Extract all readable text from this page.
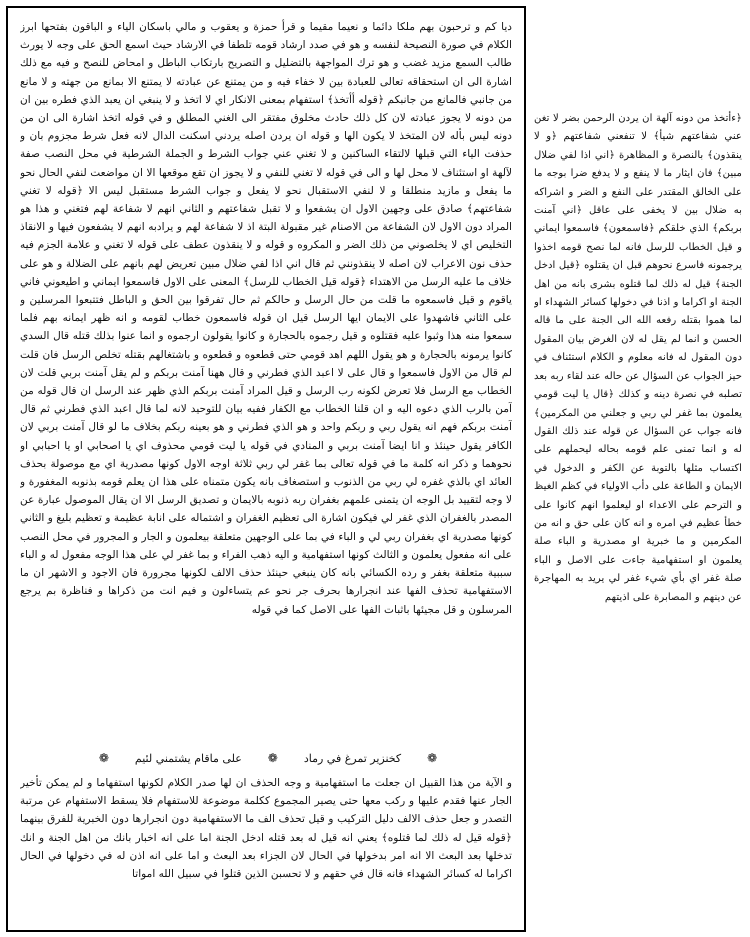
ديا كم و ترحبون بهم ملكا دائما و نعيما مقيما و قرأ حمزة و يعقوب و مالي باسكان الياء و الباقون بفتحها ابرز الكلام في صورة النصيحة لنفسه و هو في صدد ارشاد قومه تلطفا في الارشاد حيث اسمع الحق على وجه لا يورث طالب السمع مزيد غضب و هو ترك المواجهة بالتضليل و التصريح بارتكاب الباطل و امحاض للنصح و فيه مع ذلك اشارة الى ان استحقاقه تعالى للعبادة بين لا خفاء فيه و من يمتنع عن عبادته لا يمتنع الا بمانع من جهته و لا مانع من جانبي فالمانع من جانبكم ﴿قوله أأتخذ﴾ استفهام بمعنى الانكار اي لا اتخذ و لا ينبغي ان يعبد الذي فطره بين ان من دونه لا يجوز عبادته لان كل ذلك حادث مخلوق مفتقر الى الغني المطلق و في قوله اتخذ اشارة الى ان من دونه ليس بأله لان المتخذ لا يكون الها و قوله ان يردن اصله يردني اسكنت الدال لانه فعل شرط مجزوم بان و حذفت الياء التي قبلها لالتقاء الساكنين و لا تغني عني جواب الشرط و الجملة الشرطية في محل النصب صفة لآلهة او استئناف لا محل لها و الى في قوله لا تغني للنفي و لا يجوز ان تقع موقعها الا ان مواضعت لنفي الحال نحو ما يفعل و مازيد منطلقا و لا لنفي الاستقبال نحو لا يفعل و جواب الشرط مستقبل ليس الا ﴿قوله لا تغني شفاعتهم﴾ صادق على وجهين الاول ان يشفعوا و لا تقبل شفاعتهم و الثاني انهم لا شفاعة لهم فتغني و هذا هو المراد دون الاول لان الشفاعة من الاصنام غير مقبولة البتة اذ لا شفاعة لهم و يرادبه انهم لا يشفعون فيها و الانقاذ التخليص اي لا يخلصوني من ذلك الضر و المكروه و قوله و لا ينقذون عطف على قوله لا تغني و علامة الجزم فيه حذف نون الاعراب لان اصله لا ينقذونني ثم قال اني اذا لفي ضلال مبين تعريض لهم بانهم على الضلالة و هو على خلاف ما عليه الرسل من الاهتداء ﴿قوله قيل الخطاب للرسل﴾ المعنى على الاول فاسمعوا ايماني و اطيعوني فاني ياقوم و قيل فاسمعوه ما قلت من حال الرسل و حالكم ثم حال تفرقوا بين الحق و الباطل فتتبعوا المرسلين و على الثاني فاشهدوا على الايمان ايها الرسل قيل ان قوله فاسمعون خطاب لقومه و انه ظهر ايمانه بهم فلما سمعوا منه هذا وثبوا عليه فقتلوه و قيل رجموه بالحجارة و كانوا يقولون ارجموه و انما عنوا بذلك قتله قال السدي كانوا يرمونه بالحجارة و هو يقول اللهم اهد قومي حتى قطعوه و قطعوه و باشتغالهم بقتله تخلص الرسل فان قلت لم قال من الاول فاسمعوا و قال على لا اعبد الذي فطرني و قال ههنا آمنت بربكم و لم يقل آمنت بربي قلت لان الخطاب مع الرسل فلا تعرض لكونه رب الرسل و قيل المراد آمنت بربكم الذي ظهر عند الرسل ان قال قوله من آمن بالرب الذي دعوه اليه و ان قلنا الخطاب مع الكفار ففيه بيان للتوحيد لانه لما قال اعبد الذي فطرني ثم قال آمنت بربكم فهم انه يقول ربي و ربكم واحد و هو الذي فطرني و هو بعينه ربكم بخلاف ما لو قال آمنت بربي لان الكافر يقول حينئذ و انا ايضا آمنت بربي و المنادي في قوله يا ليت قومي محذوف اي يا اصحابي او يا احبابي او نحوهما و ذكر انه كلمة ما في قوله تعالى بما غفر لي ربي ثلاثة اوجه الاول كونها مصدرية اي مع موصولة بحذف العائد اي بالذي غفره لي ربي من الذنوب و استصغاف بانه يكون متمناه على هذا ان يعلم قومه بذنوبه المغفورة و لا وجه لتقييد بل الوجه ان يتمنى علمهم بغفران ربه ذنوبه بالايمان و تصديق الرسل الا ان يقال الموصول عبارة عن المصدر بالغفران الذي غفر لي فيكون اشارة الى تعظيم الغفران و اشتماله على انابة عظيمة و تعظيم بليغ و الثاني كونها مصدرية اي بغفران ربي لي و الباء في بما على الوجهين متعلقة بيعلمون و الجار و المجرور في محل النصب على انه مفعول يعلمون و الثالث كونها استفهامية و اليه ذهب الفراء و بما غفر لي على هذا الوجه مفعول له و الباء سببية متعلقة بغفر و رده الكسائي بانه كان ينبغي حينئذ حذف الالف لكونها مجرورة فان الاجود و الاشهر ان ما الاستفهامية تحذف الفها عند انجرارها بحرف جر نحو عم يتساءلون و فيم انت من ذكراها و فناظرة بم يرجع المرسلون و قل مجيئها باثبات الفها على الاصل كما في قوله

❁
كخنزير تمرغ في رماد
❁
على ماقام يشتمني لئيم
❁

و الآية من هذا القبيل ان جعلت ما استفهامية و وجه الحذف ان لها صدر الكلام لكونها استفهاما و لم يمكن تأخير الجار عنها فقدم عليها و ركب معها حتى يصير المجموع ككلمة موضوعة للاستفهام فلا يسقط الاستفهام عن مرتبة التصدر و جعل حذف الالف دليل التركيب و قيل تحذف الف ما الاستفهامية دون انجرارها دون الخبرية للفرق بينهما ﴿قوله قيل له ذلك لما قتلوه﴾ يعني انه قيل له بعد قتله ادخل الجنة اما على انه اخبار بانك من اهل الجنة و انك تدخلها بعد البعث الا انه امر بدخولها في الحال لان الجزاء بعد البعث و اما على انه اذن له في دخولها في الحال اكراما له كسائر الشهداء فانه قال في حقهم و لا تحسبن الذين قتلوا في سبيل الله امواتا

﴿ءأتخذ من دونه آلهة ان يردن الرحمن بضر لا تغن عني شفاعتهم شيأ﴾ لا تنفعني شفاعتهم ﴿و لا ينقذون﴾ بالنصرة و المظاهرة ﴿اني اذا لفي ضلال مبين﴾ فان ايثار ما لا ينفع و لا يدفع ضرا بوجه ما على الخالق المقتدر على النفع و الضر و اشراكه به ضلال بين لا يخفى على عاقل ﴿اني آمنت بربكم﴾ الذي خلقكم ﴿فاسمعون﴾ فاسمعوا ايماني و قيل الخطاب للرسل فانه لما نصح قومه اخذوا يرجمونه فاسرع نحوهم قبل ان يقتلوه ﴿قيل ادخل الجنة﴾ قيل له ذلك لما قتلوه بشرى بانه من اهل الجنة او اكراما و اذنا في دخولها كسائر الشهداء او لما هموا بقتله رفعه الله الى الجنة على ما قاله الحسن و انما لم يقل له لان الغرض بيان المقول دون المقول له فانه معلوم و الكلام استئناف في حيز الجواب عن السؤال عن حاله عند لقاء ربه بعد تصلبه في نصرة دينه و كذلك ﴿قال يا ليت قومي يعلمون بما غفر لي ربي و جعلني من المكرمين﴾ فانه جواب عن السؤال عن قوله عند ذلك القول له و انما تمنى علم قومه بحاله ليحملهم على اكتساب مثلها بالتوبة عن الكفر و الدخول في الايمان و الطاعة على دأب الاولياء في كظم الغيظ و الترحم على الاعداء او ليعلموا انهم كانوا على خطأ عظيم في امره و انه كان على حق و انه من المكرمين و ما خبرية او مصدرية و الباء صلة يعلمون او استفهامية جاءت على الاصل و الباء صلة غفر اي بأي شيء غفر لي يريد به المهاجرة عن دينهم و المصابرة على اذيتهم
